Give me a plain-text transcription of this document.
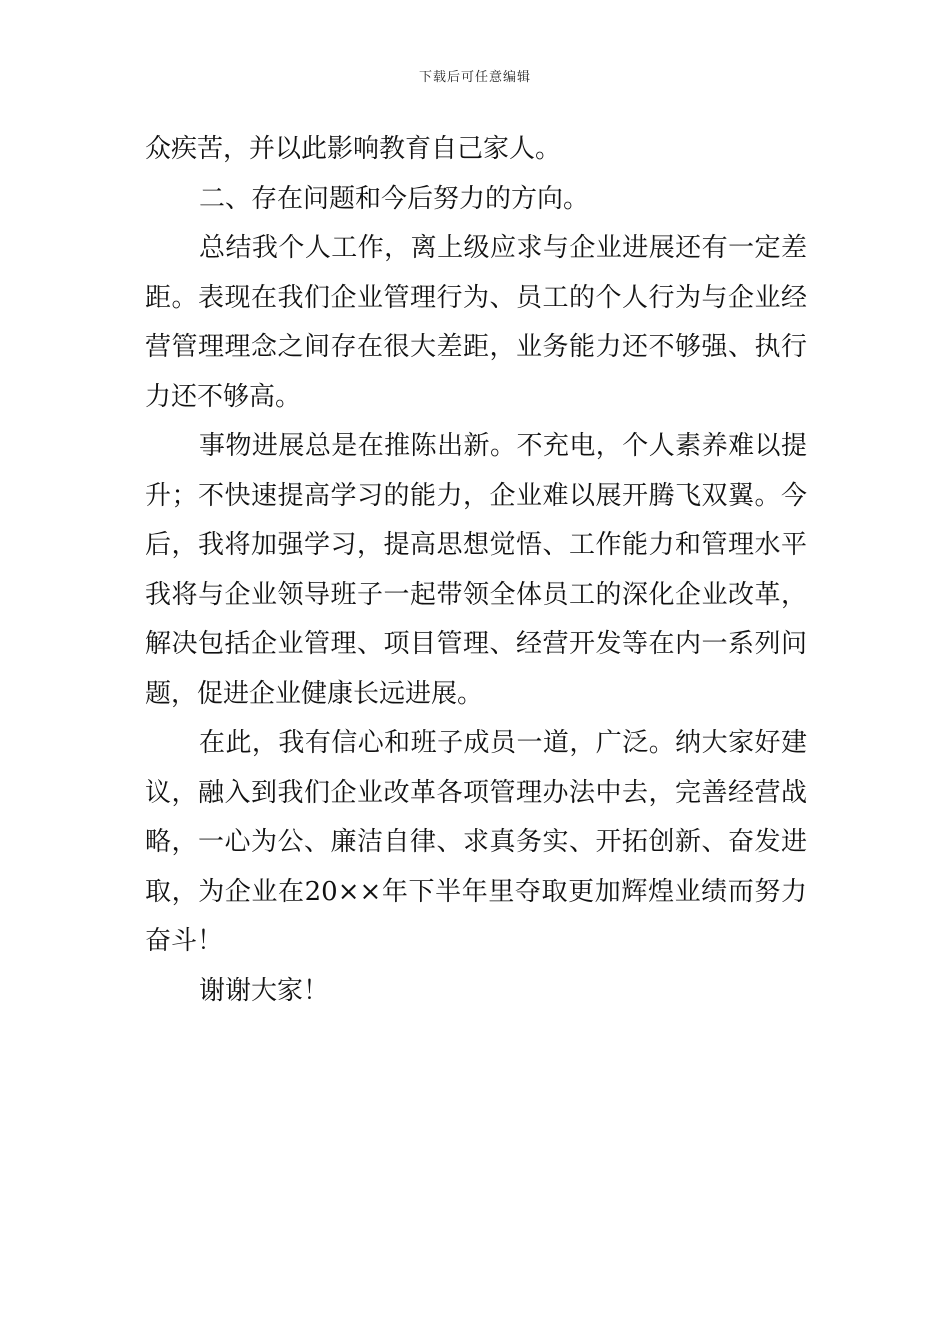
下载后可任意编辑
众疾苦，并以此影响教育自己家人。
二、存在问题和今后努力的方向。
总结我个人工作，离上级应求与企业进展还有一定差
距。表现在我们企业管理行为、员工的个人行为与企业经
营管理理念之间存在很大差距，业务能力还不够强、执行
力还不够高。
事物进展总是在推陈出新。不充电，个人素养难以提
升；不快速提高学习的能力，企业难以展开腾飞双翼。今
后，我将加强学习，提高思想觉悟、工作能力和管理水平
我将与企业领导班子一起带领全体员工的深化企业改革，
解决包括企业管理、项目管理、经营开发等在内一系列问
题，促进企业健康长远进展。
在此，我有信心和班子成员一道，广泛。纳大家好建
议，融入到我们企业改革各项管理办法中去，完善经营战
略，一心为公、廉洁自律、求真务实、开拓创新、奋发进
取，为企业在20××年下半年里夺取更加辉煌业绩而努力
奋斗！
谢谢大家！
